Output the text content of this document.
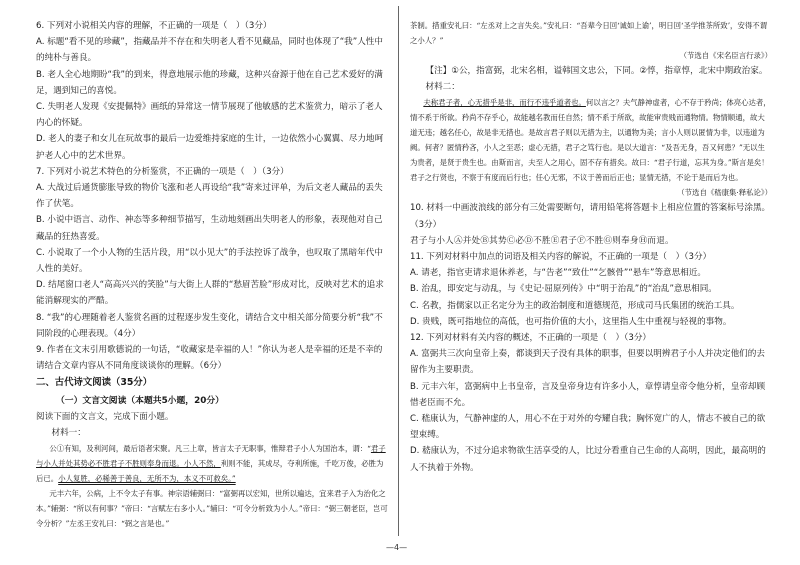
6. 下列对小说相关内容的理解，不正确的一项是（　）（3分）

A. 标题“看不见的珍藏”，指藏品并不存在和失明老人看不见藏品，同时也体现了“我”人性中的纯朴与善良。

B. 老人全心地期盼“我”的到来，得意地展示他的珍藏，这种兴奋源于他在自己艺术爱好的满足，遇到知己的喜悦。

C. 失明老人发现《安提佩特》画纸的异常这一情节展现了他敏感的艺术鉴赏力，暗示了老人内心的怀疑。

D. 老人的妻子和女儿在玩故事的最后一边爱维持家庭的生计，一边依然小心翼翼、尽力地呵护老人心中的艺术世界。

7. 下列对小说艺术特色的分析鉴赏，不正确的一项是（　）（3分）

A. 大战过后通货膨胀导致的物价飞涨和老人再设给“我”寄来过评单，为后文老人藏品的丢失作了伏笔。

B. 小说中语言、动作、神态等多种细节描写，生动地刻画出失明老人的形象，表现他对自己藏品的狂热喜爱。

C. 小说取了一个小人物的生活片段，用“以小见大”的手法控诉了战争，也叹取了黑暗年代中人性的美好。

D. 结尾窗口老人“高高兴兴的笑脸”与大街上人群的“愁眉苦脸”形成对比，反映对艺术的追求能消解现实的严酷。

8. “我”的心理随着老人鉴赏名画的过程逐步发生变化，请结合文中相关部分简要分析“我”不同阶段的心理表现。（4分）

9. 作者在文末引用歌德说的一句话，“收藏家是幸福的人！”你认为老人是幸福的还是不幸的请结合文章内容从不同角度谈谈你的理解。（6分）

二、古代诗文阅读（35分）

（一）文言文阅读（本题共5小题，20分）

阅读下面的文言文，完成下面小题。

材料一：

公①有知，及利河间，最后语者宋聚。凡三上章，皆言太子无职事，惟辩君子小人为国治本，谓：“君子与小人并处其势必不胜君子不胜则奉身而退。小人不然，利则不能，其成尽，夺利所施，千吃万俊，必胜为后已。小人复胜，必稀善于善良，无所不为，本义不可救矣。”

元丰六年，公病，上不令太子有事。神宗语辅弼曰：“富弼再以宏知，世所以遍达，宜来君子入为治化之本。”辅弼：“所以有何事？”帝曰：“言赋左右多小人。”辅曰：“可令分析致为小人。”帝曰：“弼三朝老臣，岂可令分析？”左丞王安礼曰：“弼之言是也。”

茶制。措重安礼曰：“左丞对上之言失矣。”安礼曰：“吾辈今日回‘诚如上谕’，明日回‘圣学推茶所致’，安得不谓之小人？”

（节选自《宋名臣言行录》）

【注】①公，指富弼，北宋名相，谥韩国文忠公，下同。②惇，指章惇，北宋中期政治家。

材料二：

夫称君子者，心无措乎是非，而行不违乎道者也。何以言之？夫气静神虚者，心不存于矜尚；体亮心达者，情不系于所欲。矜尚不存乎心，故能越名教而任自然；情不系于所欲，故能审贵贱而通物情。物情顺通，故大道无违；越名任心，故是非无措也。是故言君子则以无措为主，以通物为美；言小人则以匿情为非，以违道为阙。何者？匿情矜吝，小人之至恶；虚心无措，君子之笃行也。是以大道言：“及吾无身，吾又何患？”无以生为贵者，是贤于贵生也。由斯而言，夫至人之用心，固不存有措矣。故曰：“君子行道，忘其为身。”斯言是矣！君子之行贤也，不察于有度而后行也；任心无邪，不议于善而后正也；显情无措，不论于是而后为也。

（节选自《嵇康集·释私论》）

10. 材料一中画波浪线的部分有三处需要断句，请用铅笔将答题卡上相应位置的答案标号涂黑。（3分）

君子与小人Ⓐ并处Ⓑ其势Ⓒ必Ⓓ不胜Ⓔ君子Ⓕ不胜Ⓖ则奉身Ⓗ而退。

11. 下列对材料中加点的词语及相关内容的解说，不正确的一项是（　）（3分）

A. 请老，指官吏请求退休养老，与“告老”“致仕”“乞骸骨”“悬车”等意思相近。

B. 治乱，即安定与动乱，与《史记·屈原列传》中“明于治乱”的“治乱”意思相同。

C. 名教，指儒家以正名定分为主的政治制度和道德规范，形成司马氏集团的统治工具。

D. 贵贱，既可指地位的高低，也可指价值的大小，这里指人生中重视与轻视的事物。

12. 下列对材料有关内容的概述，不正确的一项是（　）（3分）

A. 富弼共三次向皇帝上奏，都谈到天子没有具体的职事，但要以明辨君子小人并决定他们的去留作为主要职责。

B. 元丰六年，富弼病中上书皇帝，言及皇帝身边有许多小人，章惇请皇帝令他分析，皇帝却顾惜老臣而不允。

C. 嵇康认为，气静神虚的人，用心不在于对外的夸耀自我；胸怀宽广的人，情志不被自己的欲望束缚。

D. 嵇康认为，不过分追求物欲生活享受的人，比过分看重自己生命的人高明，因此，最高明的人不执着于外物。

—4—
